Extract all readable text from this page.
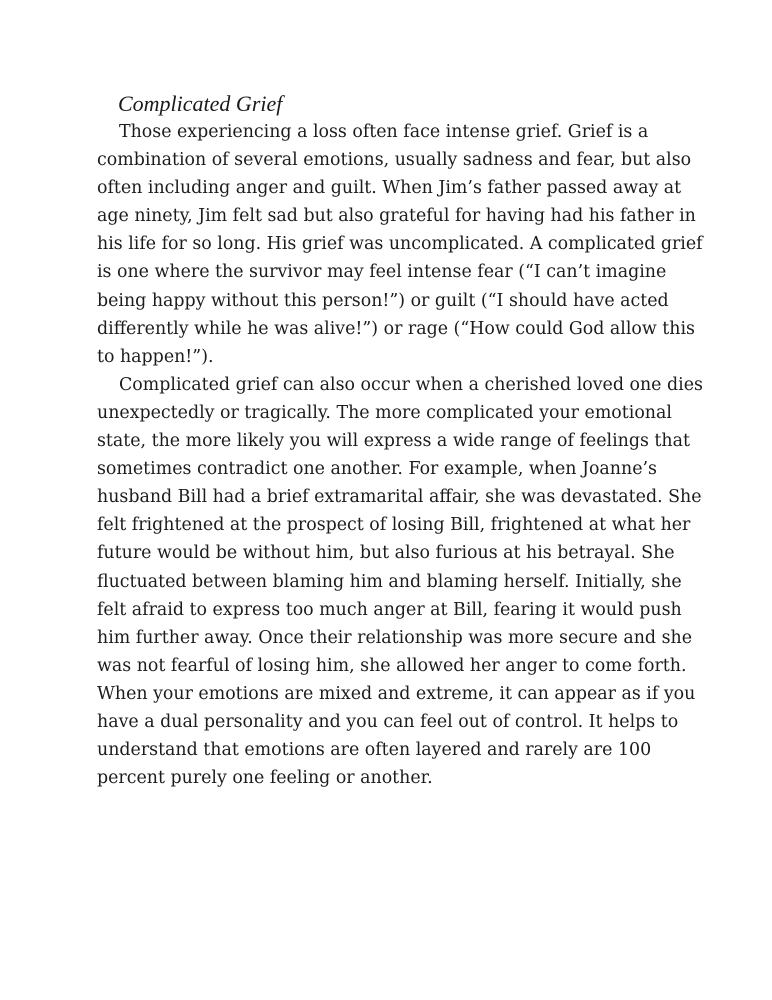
Complicated Grief

Those experiencing a loss often face intense grief. Grief is a
combination of several emotions, usually sadness and fear, but also
often including anger and guilt. When Jim’s father passed away at
age ninety, Jim felt sad but also grateful for having had his father in
his life for so long. His grief was uncomplicated. A complicated grief
is one where the survivor may feel intense fear (“I can’t imagine
being happy without this person!”) or guilt (“I should have acted
differently while he was alive!”) or rage (“How could God allow this
to happen!”).

Complicated grief can also occur when a cherished loved one dies
unexpectedly or tragically. The more complicated your emotional
state, the more likely you will express a wide range of feelings that
sometimes contradict one another. For example, when Joanne’s
husband Bill had a brief extramarital affair, she was devastated. She
felt frightened at the prospect of losing Bill, frightened at what her
future would be without him, but also furious at his betrayal. She
fluctuated between blaming him and blaming herself. Initially, she
felt afraid to express too much anger at Bill, fearing it would push
him further away. Once their relationship was more secure and she
was not fearful of losing him, she allowed her anger to come forth.
When your emotions are mixed and extreme, it can appear as if you
have a dual personality and you can feel out of control. It helps to
understand that emotions are often layered and rarely are 100
percent purely one feeling or another.
